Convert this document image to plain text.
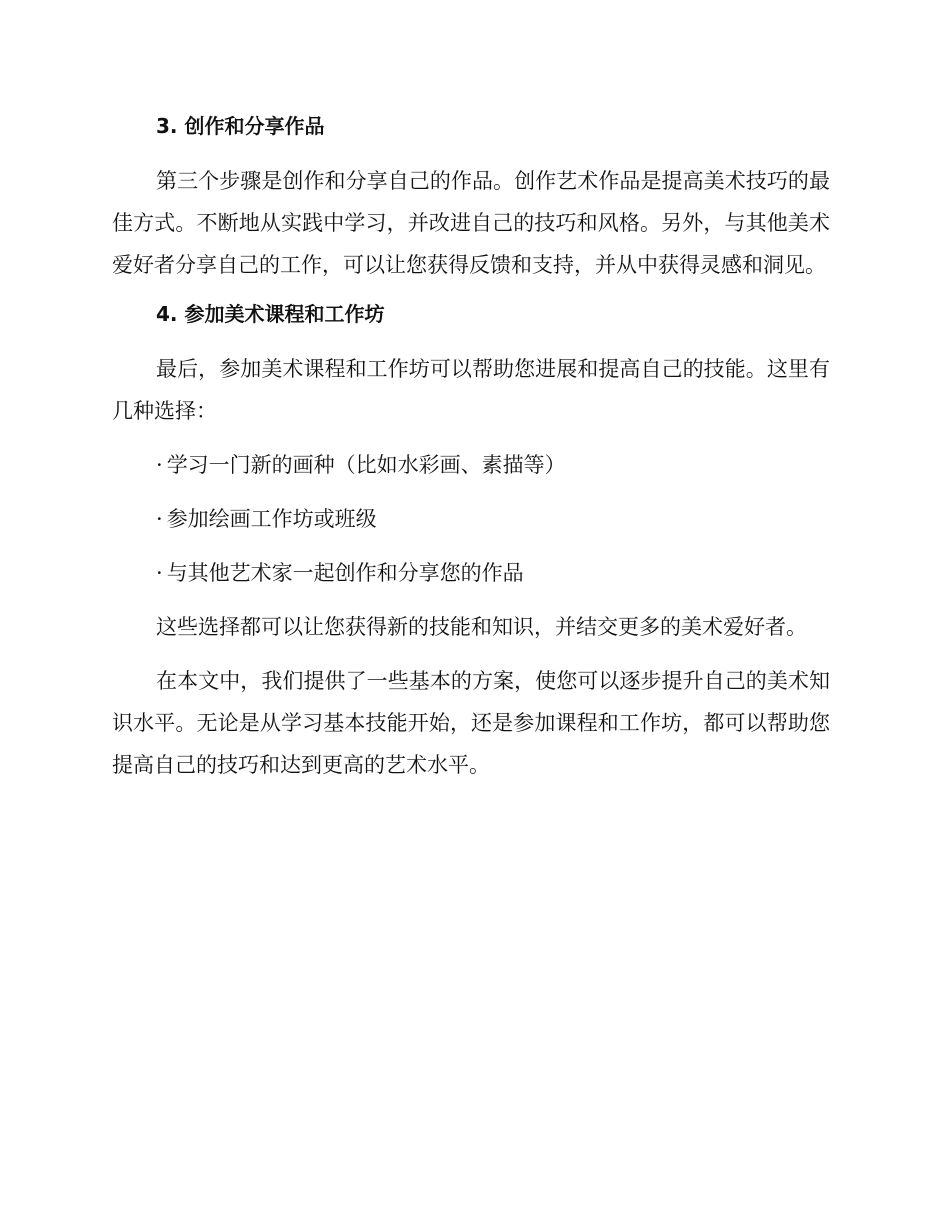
3. 创作和分享作品

第三个步骤是创作和分享自己的作品。创作艺术作品是提高美术技巧的最佳方式。不断地从实践中学习，并改进自己的技巧和风格。另外，与其他美术爱好者分享自己的工作，可以让您获得反馈和支持，并从中获得灵感和洞见。

4. 参加美术课程和工作坊

最后，参加美术课程和工作坊可以帮助您进展和提高自己的技能。这里有几种选择：

· 学习一门新的画种（比如水彩画、素描等）
· 参加绘画工作坊或班级
· 与其他艺术家一起创作和分享您的作品

这些选择都可以让您获得新的技能和知识，并结交更多的美术爱好者。

在本文中，我们提供了一些基本的方案，使您可以逐步提升自己的美术知识水平。无论是从学习基本技能开始，还是参加课程和工作坊，都可以帮助您提高自己的技巧和达到更高的艺术水平。
